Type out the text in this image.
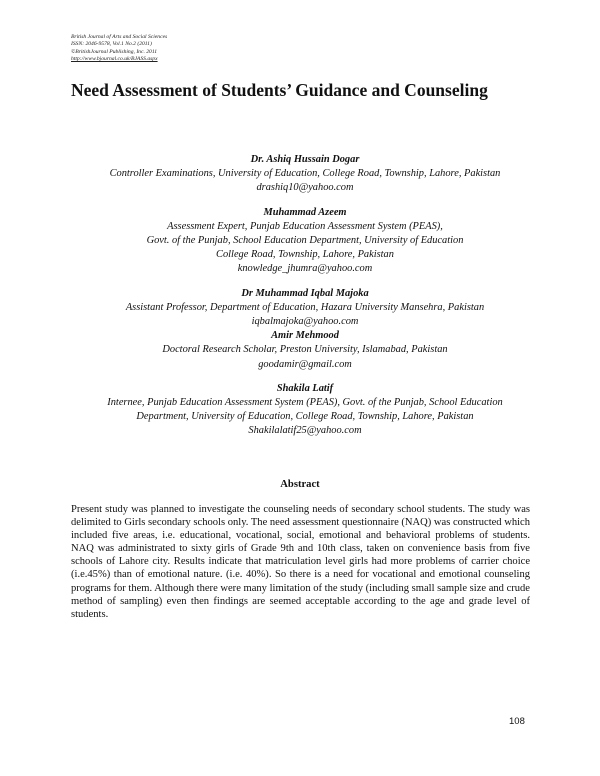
British Journal of Arts and Social Sciences
ISSN: 2046-9578, Vol.1 No.2 (2011)
©BritishJournal Publishing, Inc. 2011
http://www.bjournal.co.uk/BJASS.aspx
Need Assessment of Students’ Guidance and Counseling
Dr. Ashiq Hussain Dogar
Controller Examinations, University of Education, College Road, Township, Lahore, Pakistan
drashiq10@yahoo.com
Muhammad Azeem
Assessment Expert, Punjab Education Assessment System (PEAS),
Govt. of the Punjab, School Education Department, University of Education
College Road, Township, Lahore, Pakistan
knowledge_jhumra@yahoo.com
Dr Muhammad Iqbal Majoka
Assistant Professor, Department of Education, Hazara University Mansehra, Pakistan
iqbalmajoka@yahoo.com
Amir Mehmood
Doctoral Research Scholar, Preston University, Islamabad, Pakistan
goodamir@gmail.com
Shakila Latif
Internee, Punjab Education Assessment System (PEAS), Govt. of the Punjab, School Education
Department, University of Education, College Road, Township, Lahore, Pakistan
Shakilalatif25@yahoo.com
Abstract

Present study was planned to investigate the counseling needs of secondary school students. The study was delimited to Girls secondary schools only. The need assessment questionnaire (NAQ) was constructed which included five areas, i.e. educational, vocational, social, emotional and behavioral problems of students. NAQ was administrated to sixty girls of Grade 9th and 10th class, taken on convenience basis from five schools of Lahore city. Results indicate that matriculation level girls had more problems of carrier choice (i.e.45%) than of emotional nature. (i.e. 40%). So there is a need for vocational and emotional counseling programs for them. Although there were many limitation of the study (including small sample size and crude method of sampling) even then findings are seemed acceptable according to the age and grade level of students.

108
